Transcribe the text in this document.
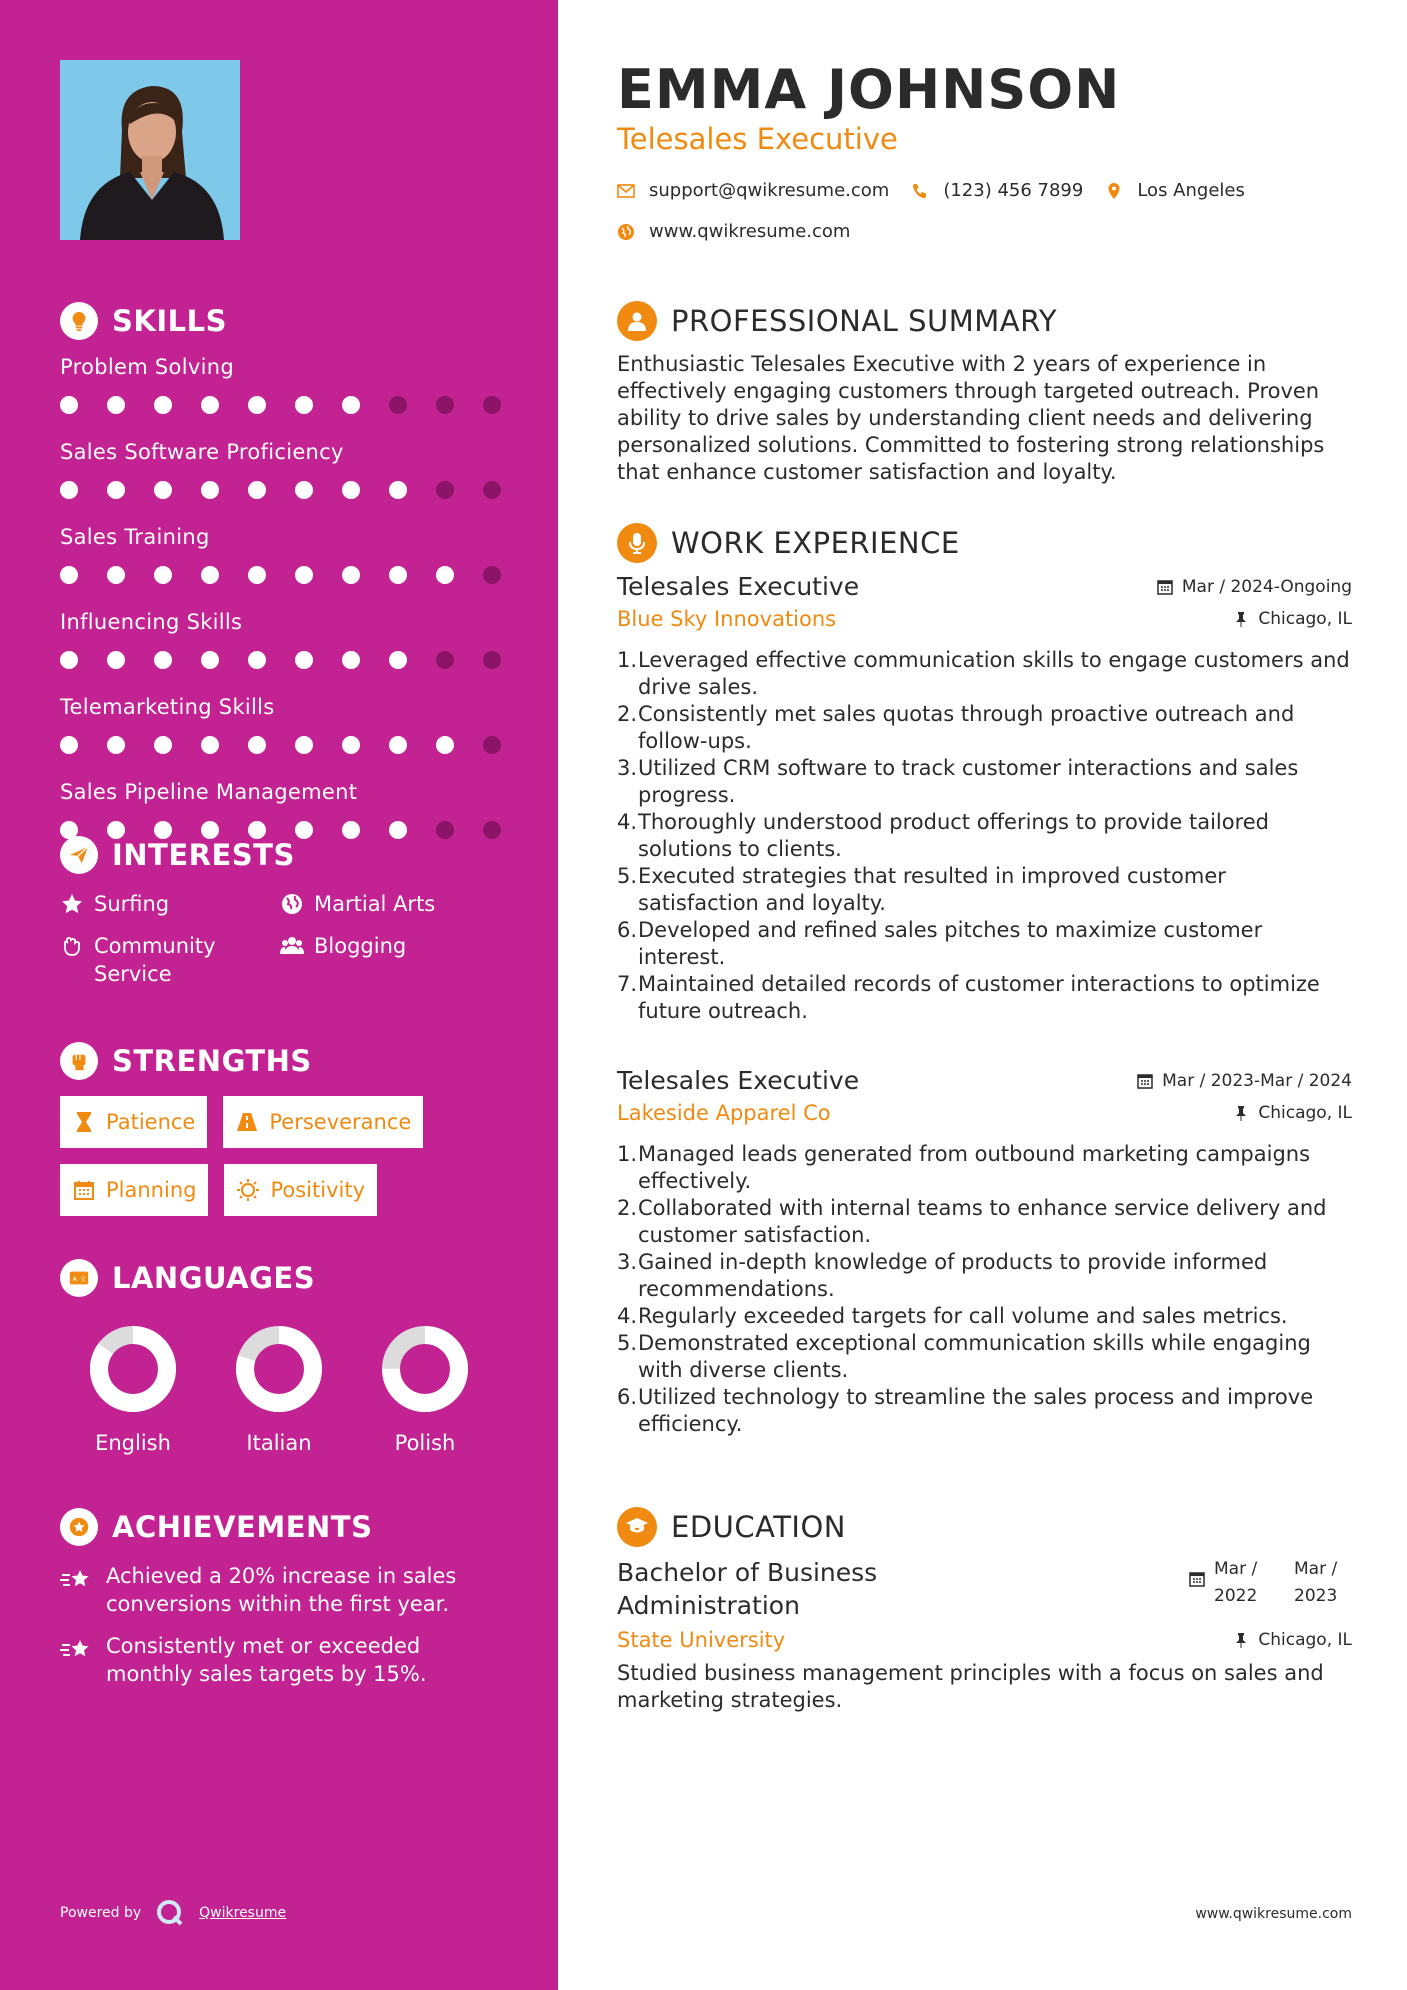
SKILLS
Problem Solving
Sales Software Proficiency
Sales Training
Influencing Skills
Telemarketing Skills
Sales Pipeline Management
INTERESTS
Surfing	Martial Arts
Community Service
Blogging
STRENGTHS
Patience	Perseverance
Planning	Positivity
A 文 LANGUAGES
English	Italian	Polish
ACHIEVEMENTS
Achieved a 20% increase in sales conversions within the first year.
Consistently met or exceeded monthly sales targets by 15%.
Powered by	Qwikresume
EMMA JOHNSON
Telesales Executive
support@qwikresume.com	(123) 456 7899	Los Angeles
www.qwikresume.com
PROFESSIONAL SUMMARY
Enthusiastic Telesales Executive with 2 years of experience in effectively engaging customers through targeted outreach. Proven ability to drive sales by understanding client needs and delivering personalized solutions. Committed to fostering strong relationships that enhance customer satisfaction and loyalty.
WORK EXPERIENCE
Telesales Executive	Mar / 2024-Ongoing
Blue Sky Innovations	Chicago, IL
1. Leveraged effective communication skills to engage customers and drive sales.
2. Consistently met sales quotas through proactive outreach and follow-ups.
3. Utilized CRM software to track customer interactions and sales progress.
4. Thoroughly understood product offerings to provide tailored solutions to clients.
5. Executed strategies that resulted in improved customer satisfaction and loyalty.
6. Developed and refined sales pitches to maximize customer interest.
7. Maintained detailed records of customer interactions to optimize future outreach.
Telesales Executive	Mar / 2023-Mar / 2024
Lakeside Apparel Co	Chicago, IL
1. Managed leads generated from outbound marketing campaigns effectively.
2. Collaborated with internal teams to enhance service delivery and customer satisfaction.
3. Gained in-depth knowledge of products to provide informed recommendations.
4. Regularly exceeded targets for call volume and sales metrics.
5. Demonstrated exceptional communication skills while engaging with diverse clients.
6. Utilized technology to streamline the sales process and improve efficiency.
EDUCATION
Bachelor of Business Administration
Mar /
2022
Mar /
2023
State University	Chicago, IL
Studied business management principles with a focus on sales and marketing strategies.
www.qwikresume.com
